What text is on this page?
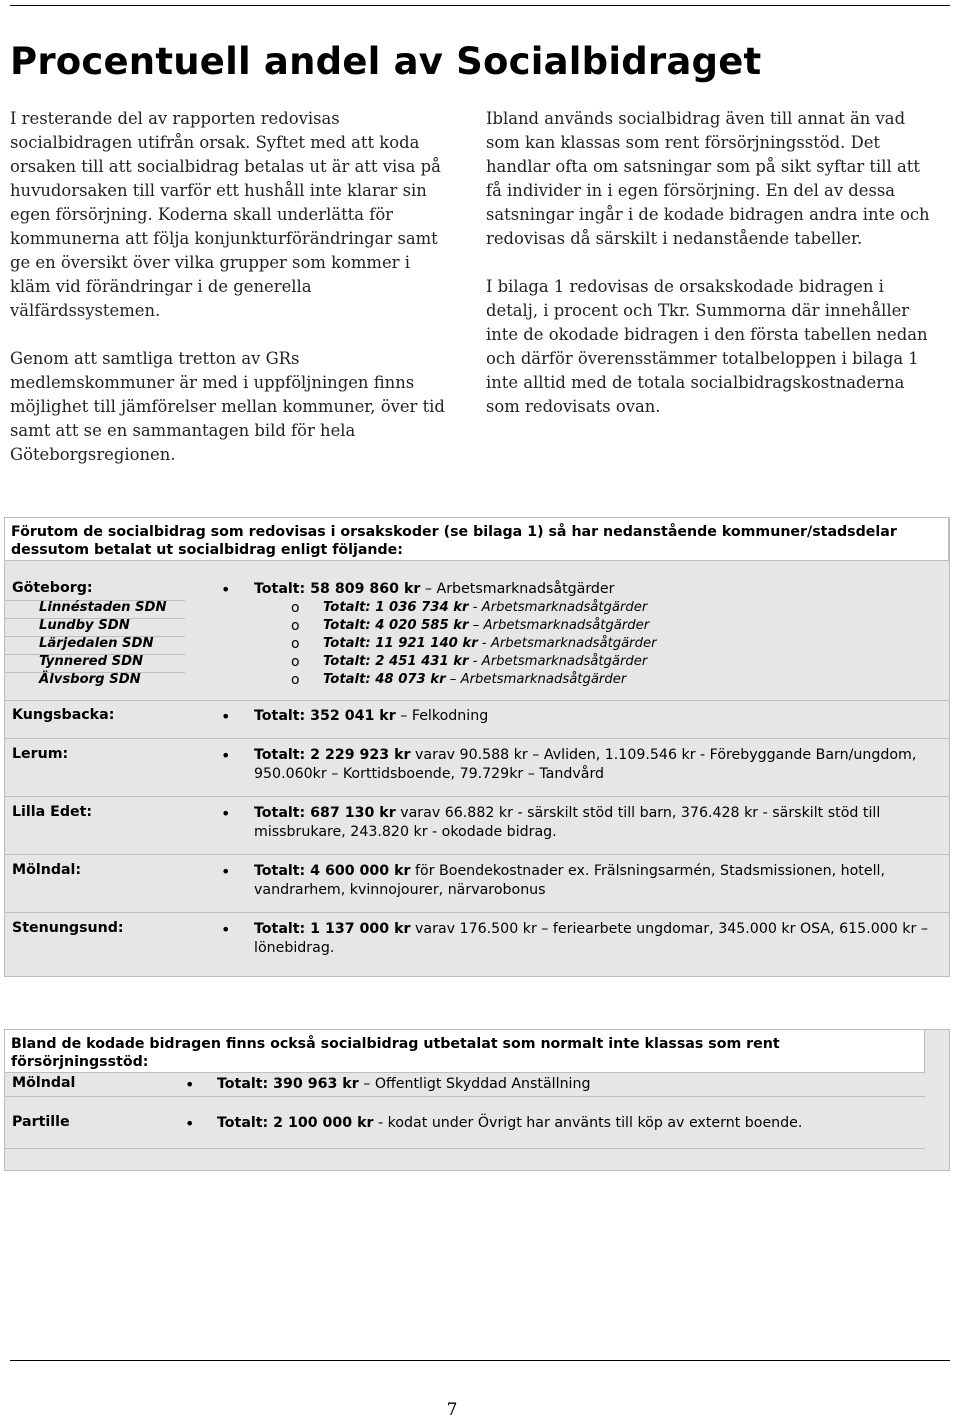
Procentuell andel av Socialbidraget

I resterande del av rapporten redovisas socialbidragen utifrån orsak. Syftet med att koda orsaken till att socialbidrag betalas ut är att visa på huvudorsaken till varför ett hushåll inte klarar sin egen försörjning. Koderna skall underlätta för kommunerna att följa konjunkturförändringar samt ge en översikt över vilka grupper som kommer i kläm vid förändringar i de generella välfärdssystemen.

Genom att samtliga tretton av GRs medlemskommuner är med i uppföljningen finns möjlighet till jämförelser mellan kommuner, över tid samt att se en sammantagen bild för hela Göteborgsregionen.

Ibland används socialbidrag även till annat än vad som kan klassas som rent försörjningsstöd. Det handlar ofta om satsningar som på sikt syftar till att få individer in i egen försörjning. En del av dessa satsningar ingår i de kodade bidragen andra inte och redovisas då särskilt i nedanstående tabeller.

I bilaga 1 redovisas de orsakskodade bidragen i detalj, i procent och Tkr. Summorna där innehåller inte de okodade bidragen i den första tabellen nedan och därför överensstämmer totalbeloppen i bilaga 1 inte alltid med de totala socialbidragskostnaderna som redovisats ovan.

Förutom de socialbidrag som redovisas i orsakskoder (se bilaga 1) så har nedanstående kommuner/stadsdelar dessutom betalat ut socialbidrag enligt följande:
Göteborg:	• Totalt: 58 809 860 kr – Arbetsmarknadsåtgärder
Linnéstaden SDN	o Totalt: 1 036 734 kr - Arbetsmarknadsåtgärder
Lundby SDN	o Totalt: 4 020 585 kr – Arbetsmarknadsåtgärder
Lärjedalen SDN	o Totalt: 11 921 140 kr - Arbetsmarknadsåtgärder
Tynnered SDN	o Totalt: 2 451 431 kr - Arbetsmarknadsåtgärder
Älvsborg SDN	o Totalt: 48 073 kr – Arbetsmarknadsåtgärder
Kungsbacka:	• Totalt: 352 041 kr – Felkodning
Lerum:	• Totalt: 2 229 923 kr varav 90.588 kr – Avliden, 1.109.546 kr - Förebyggande Barn/ungdom, 950.060kr – Korttidsboende, 79.729kr – Tandvård
Lilla Edet:	• Totalt: 687 130 kr varav 66.882 kr - särskilt stöd till barn, 376.428 kr - särskilt stöd till missbrukare, 243.820 kr - okodade bidrag.
Mölndal:	• Totalt: 4 600 000 kr för Boendekostnader ex. Frälsningsarmén, Stadsmissionen, hotell, vandrarhem, kvinnojourer, närvarobonus
Stenungsund:	• Totalt: 1 137 000 kr varav 176.500 kr – feriearbete ungdomar, 345.000 kr OSA, 615.000 kr – lönebidrag.
Bland de kodade bidragen finns också socialbidrag utbetalat som normalt inte klassas som rent försörjningsstöd:
Mölndal	• Totalt: 390 963 kr – Offentligt Skyddad Anställning
Partille	• Totalt: 2 100 000 kr - kodat under Övrigt har använts till köp av externt boende.
7
